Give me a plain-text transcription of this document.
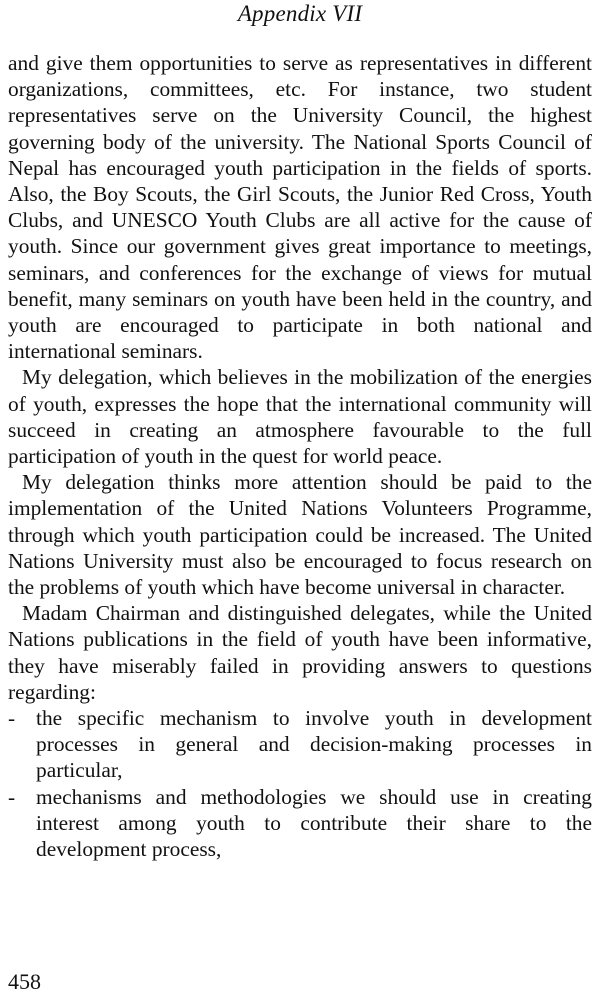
Appendix VII

and give them opportunities to serve as representatives in different organizations, committees, etc. For instance, two student representatives serve on the University Council, the highest governing body of the university. The National Sports Council of Nepal has encouraged youth participation in the fields of sports. Also, the Boy Scouts, the Girl Scouts, the Junior Red Cross, Youth Clubs, and UNESCO Youth Clubs are all active for the cause of youth. Since our government gives great importance to meetings, seminars, and conferences for the exchange of views for mutual benefit, many seminars on youth have been held in the country, and youth are encouraged to participate in both national and international seminars.

My delegation, which believes in the mobilization of the energies of youth, expresses the hope that the international community will succeed in creating an atmosphere favourable to the full participation of youth in the quest for world peace.

My delegation thinks more attention should be paid to the implementation of the United Nations Volunteers Programme, through which youth participation could be increased. The United Nations University must also be encouraged to focus research on the problems of youth which have become universal in character.

Madam Chairman and distinguished delegates, while the United Nations publications in the field of youth have been informative, they have miserably failed in providing answers to questions regarding:

- the specific mechanism to involve youth in development processes in general and decision-making processes in particular,
- mechanisms and methodologies we should use in creating interest among youth to contribute their share to the development process,
458
